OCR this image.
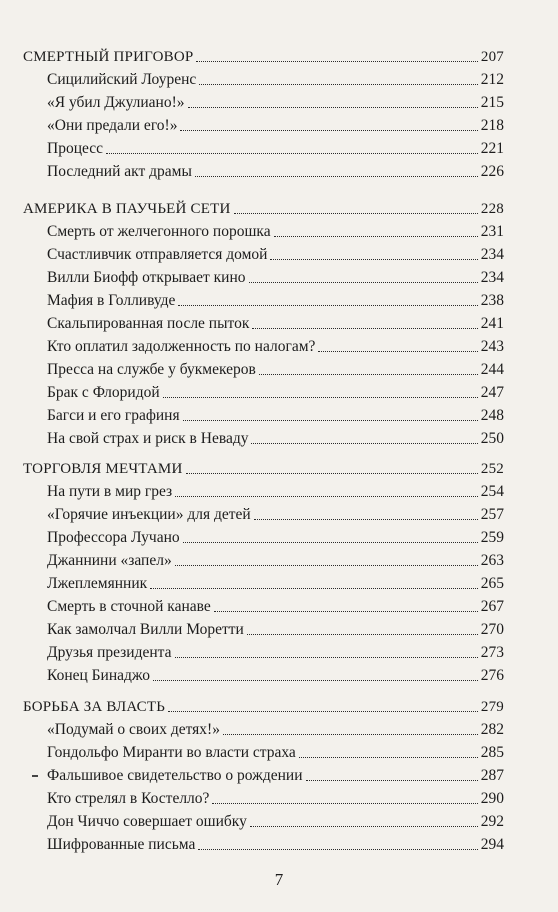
СМЕРТНЫЙ ПРИГОВОР	207
Сицилийский Лоуренс	212
«Я убил Джулиано!»	215
«Они предали его!»	218
Процесс	221
Последний акт драмы	226
АМЕРИКА В ПАУЧЬЕЙ СЕТИ	228
Смерть от желчегонного порошка	231
Счастливчик отправляется домой	234
Вилли Биофф открывает кино	234
Мафия в Голливуде	238
Скальпированная после пыток	241
Кто оплатил задолженность по налогам?	243
Пресса на службе у букмекеров	244
Брак с Флоридой	247
Багси и его графиня	248
На свой страх и риск в Неваду	250
ТОРГОВЛЯ МЕЧТАМИ	252
На пути в мир грез	254
«Горячие инъекции» для детей	257
Профессора Лучано	259
Джаннини «запел»	263
Лжеплемянник	265
Смерть в сточной канаве	267
Как замолчал Вилли Моретти	270
Друзья президента	273
Конец Бинаджо	276
БОРЬБА ЗА ВЛАСТЬ	279
«Подумай о своих детях!»	282
Гондольфо Миранти во власти страха	285
Фальшивое свидетельство о рождении	287
Кто стрелял в Костелло?	290
Дон Чиччо совершает ошибку	292
Шифрованные письма	294
7
